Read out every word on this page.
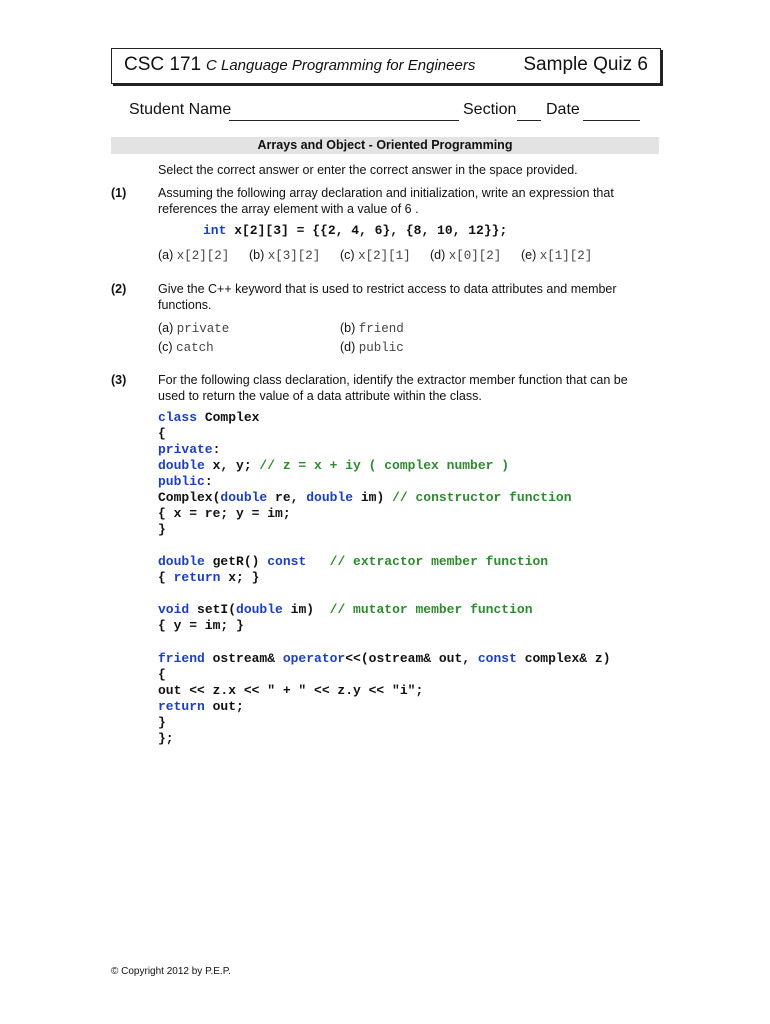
CSC 171 C Language Programming for Engineers	Sample Quiz 6
Student Name	Section Date
Arrays and Object - Oriented Programming
Select the correct answer or enter the correct answer in the space provided.
(1)	Assuming the following array declaration and initialization, write an expression that references the array element with a value of 6 .
int x[2][3] = {{2, 4, 6}, {8, 10, 12}};
(a) x[2][2] (b) x[3][2] (c) x[2][1] (d) x[0][2] (e) x[1][2]
(2)	Give the C++ keyword that is used to restrict access to data attributes and member functions.
(a) private	(b) friend
(c) catch	(d) public
(3)	For the following class declaration, identify the extractor member function that can be used to return the value of a data attribute within the class.
class Complex
{
private:
double x, y; // z = x + iy ( complex number )
public:
Complex(double re, double im) // constructor function
{ x = re; y = im;
}
double getR() const // extractor member function
{ return x; }
void setI(double im)  // mutator member function
{ y = im; }
friend ostream& operator<<(ostream& out, const complex& z)
{
out << z.x << " + " << z.y << "i";
return out;
}
};
© Copyright 2012 by P.E.P.
